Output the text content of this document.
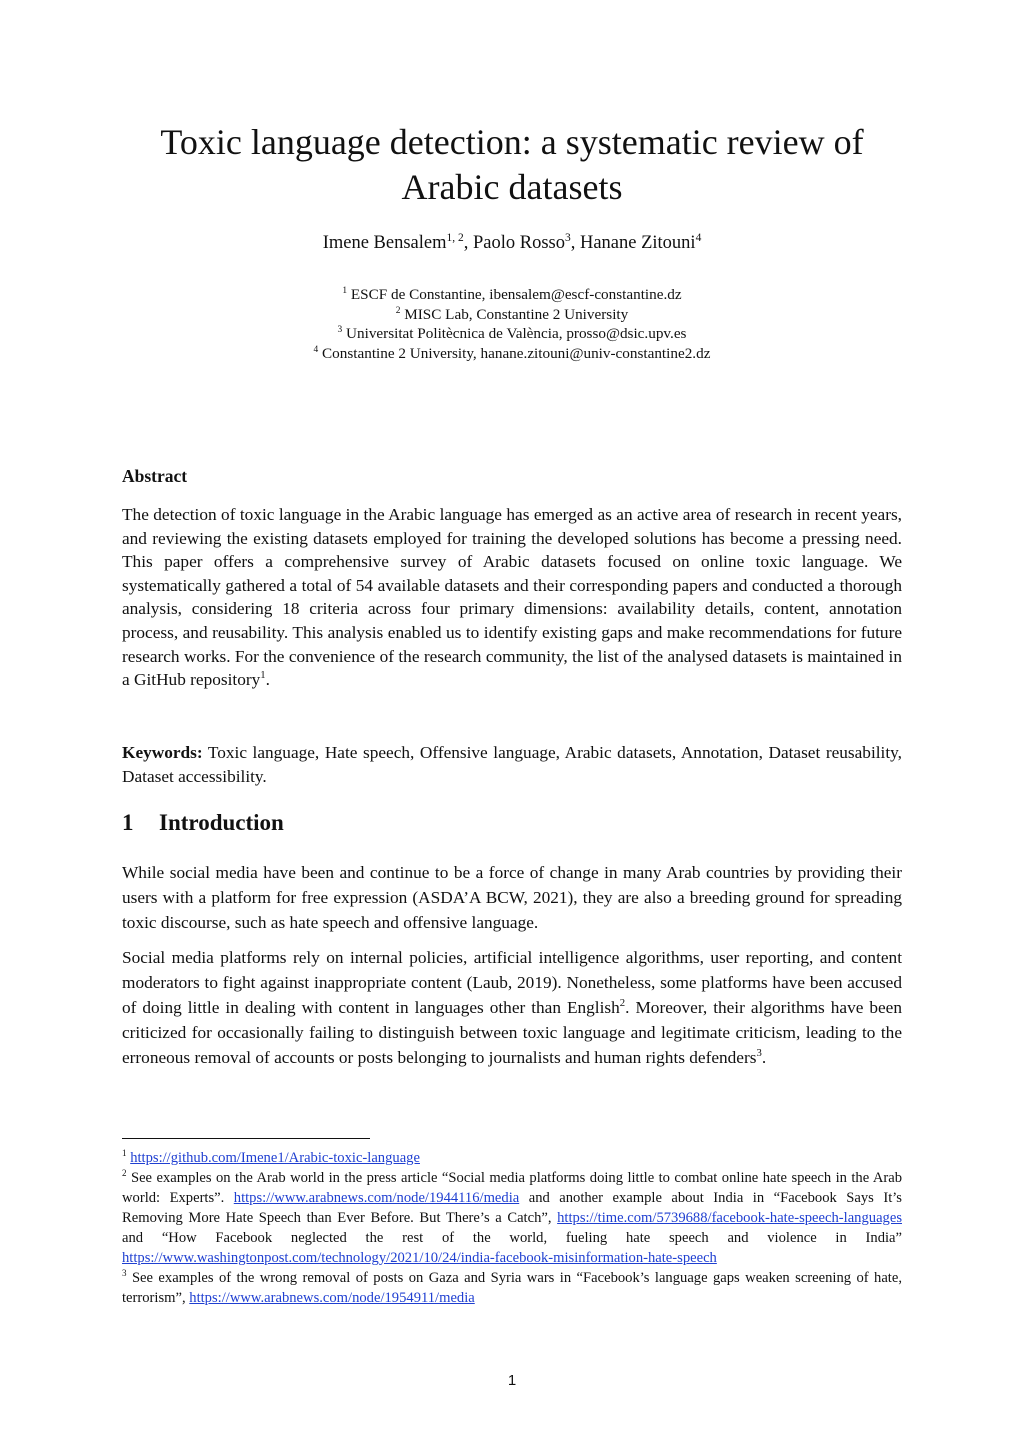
Toxic language detection: a systematic review of
Arabic datasets

Imene Bensalem$^{1, 2}$, Paolo Rosso$^3$, Hanane Zitouni$^4$

$^1$ ESCF de Constantine, ibensalem@escf-constantine.dz
$^2$ MISC Lab, Constantine 2 University
$^3$ Universitat Politècnica de València, prosso@dsic.upv.es
$^4$ Constantine 2 University, hanane.zitouni@univ-constantine2.dz
Abstract

The detection of toxic language in the Arabic language has emerged as an active area of research in recent years, and reviewing the existing datasets employed for training the developed solutions has become a pressing need. This paper offers a comprehensive survey of Arabic datasets focused on online toxic language. We systematically gathered a total of 54 available datasets and their corresponding papers and conducted a thorough analysis, considering 18 criteria across four primary dimensions: availability details, content, annotation process, and reusability. This analysis enabled us to identify existing gaps and make recommendations for future research works. For the convenience of the research community, the list of the analysed datasets is maintained in a GitHub repository$^1$.

Keywords: Toxic language, Hate speech, Offensive language, Arabic datasets, Annotation, Dataset reusability, Dataset accessibility.

1 Introduction

While social media have been and continue to be a force of change in many Arab countries by providing their users with a platform for free expression (ASDA’A BCW, 2021), they are also a breeding ground for spreading toxic discourse, such as hate speech and offensive language.

Social media platforms rely on internal policies, artificial intelligence algorithms, user reporting, and content moderators to fight against inappropriate content (Laub, 2019). Nonetheless, some platforms have been accused of doing little in dealing with content in languages other than English$^2$. Moreover, their algorithms have been criticized for occasionally failing to distinguish between toxic language and legitimate criticism, leading to the erroneous removal of accounts or posts belonging to journalists and human rights defenders$^3$.

$^1$ https://github.com/Imene1/Arabic-toxic-language
$^2$ See examples on the Arab world in the press article “Social media platforms doing little to combat online hate speech in the Arab world: Experts”. https://www.arabnews.com/node/1944116/media and another example about India in “Facebook Says It’s Removing More Hate Speech than Ever Before. But There’s a Catch”, https://time.com/5739688/facebook-hate-speech-languages and “How Facebook neglected the rest of the world, fueling hate speech and violence in India” https://www.washingtonpost.com/technology/2021/10/24/india-facebook-misinformation-hate-speech
$^3$ See examples of the wrong removal of posts on Gaza and Syria wars in “Facebook’s language gaps weaken screening of hate, terrorism”, https://www.arabnews.com/node/1954911/media
1
